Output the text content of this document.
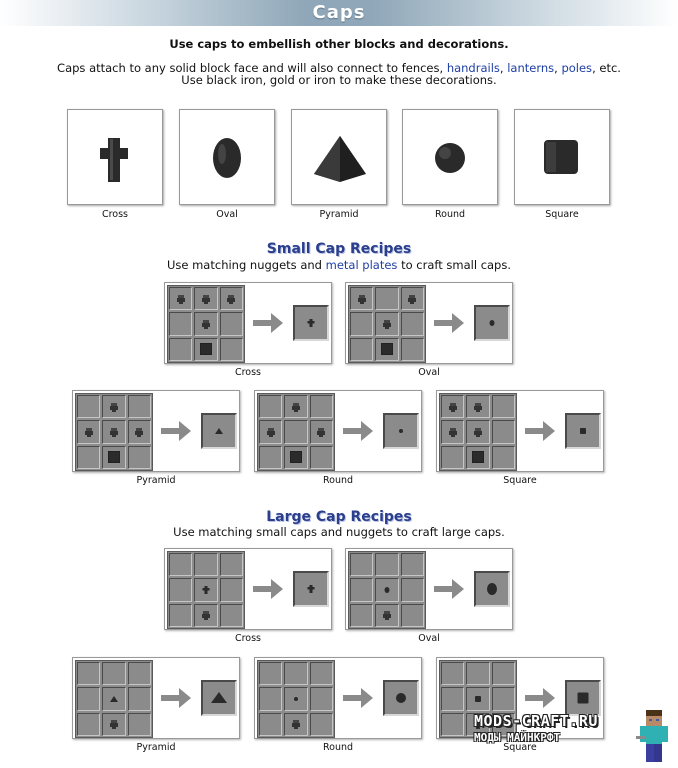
Caps
Use caps to embellish other blocks and decorations.
Caps attach to any solid block face and will also connect to fences, handrails, lanterns, poles, etc.
Use black iron, gold or iron to make these decorations.
Cross	Oval	Pyramid	Round	Square
Small Cap Recipes
Use matching nuggets and metal plates to craft small caps.
Cross	Oval
Pyramid	Round	Square
Cross	Oval
Pyramid	Round	Square
Large Cap Recipes
Use matching small caps and nuggets to craft large caps.
MODS-CRAFT.RU
МОДЫ МАЙНКРФТ
